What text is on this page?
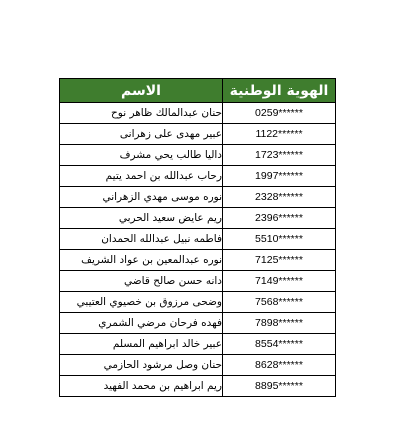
الاسم	الهوية الوطنية
حنان عبدالمالك ظاهر نوح	******0259
عبير مهدى على زهرانى	******1122
داليا طالب يحي مشرف	******1723
رحاب عبدالله بن احمد يتيم	******1997
نوره موسى مهدي الزهراني	******2328
ريم عايض سعيد الحربي	******2396
فاطمه نبيل عبدالله الحمدان	******5510
نوره عبدالمعين بن عواد الشريف	******7125
دانه حسن صالح قاضي	******7149
وضحى مرزوق بن خصيوي العتيبي	******7568
فهده فرحان مرضي الشمري	******7898
عبير خالد ابراهيم المسلم	******8554
حنان وصل مرشود الحازمي	******8628
ريم ابراهيم بن محمد الفهيد	******8895
